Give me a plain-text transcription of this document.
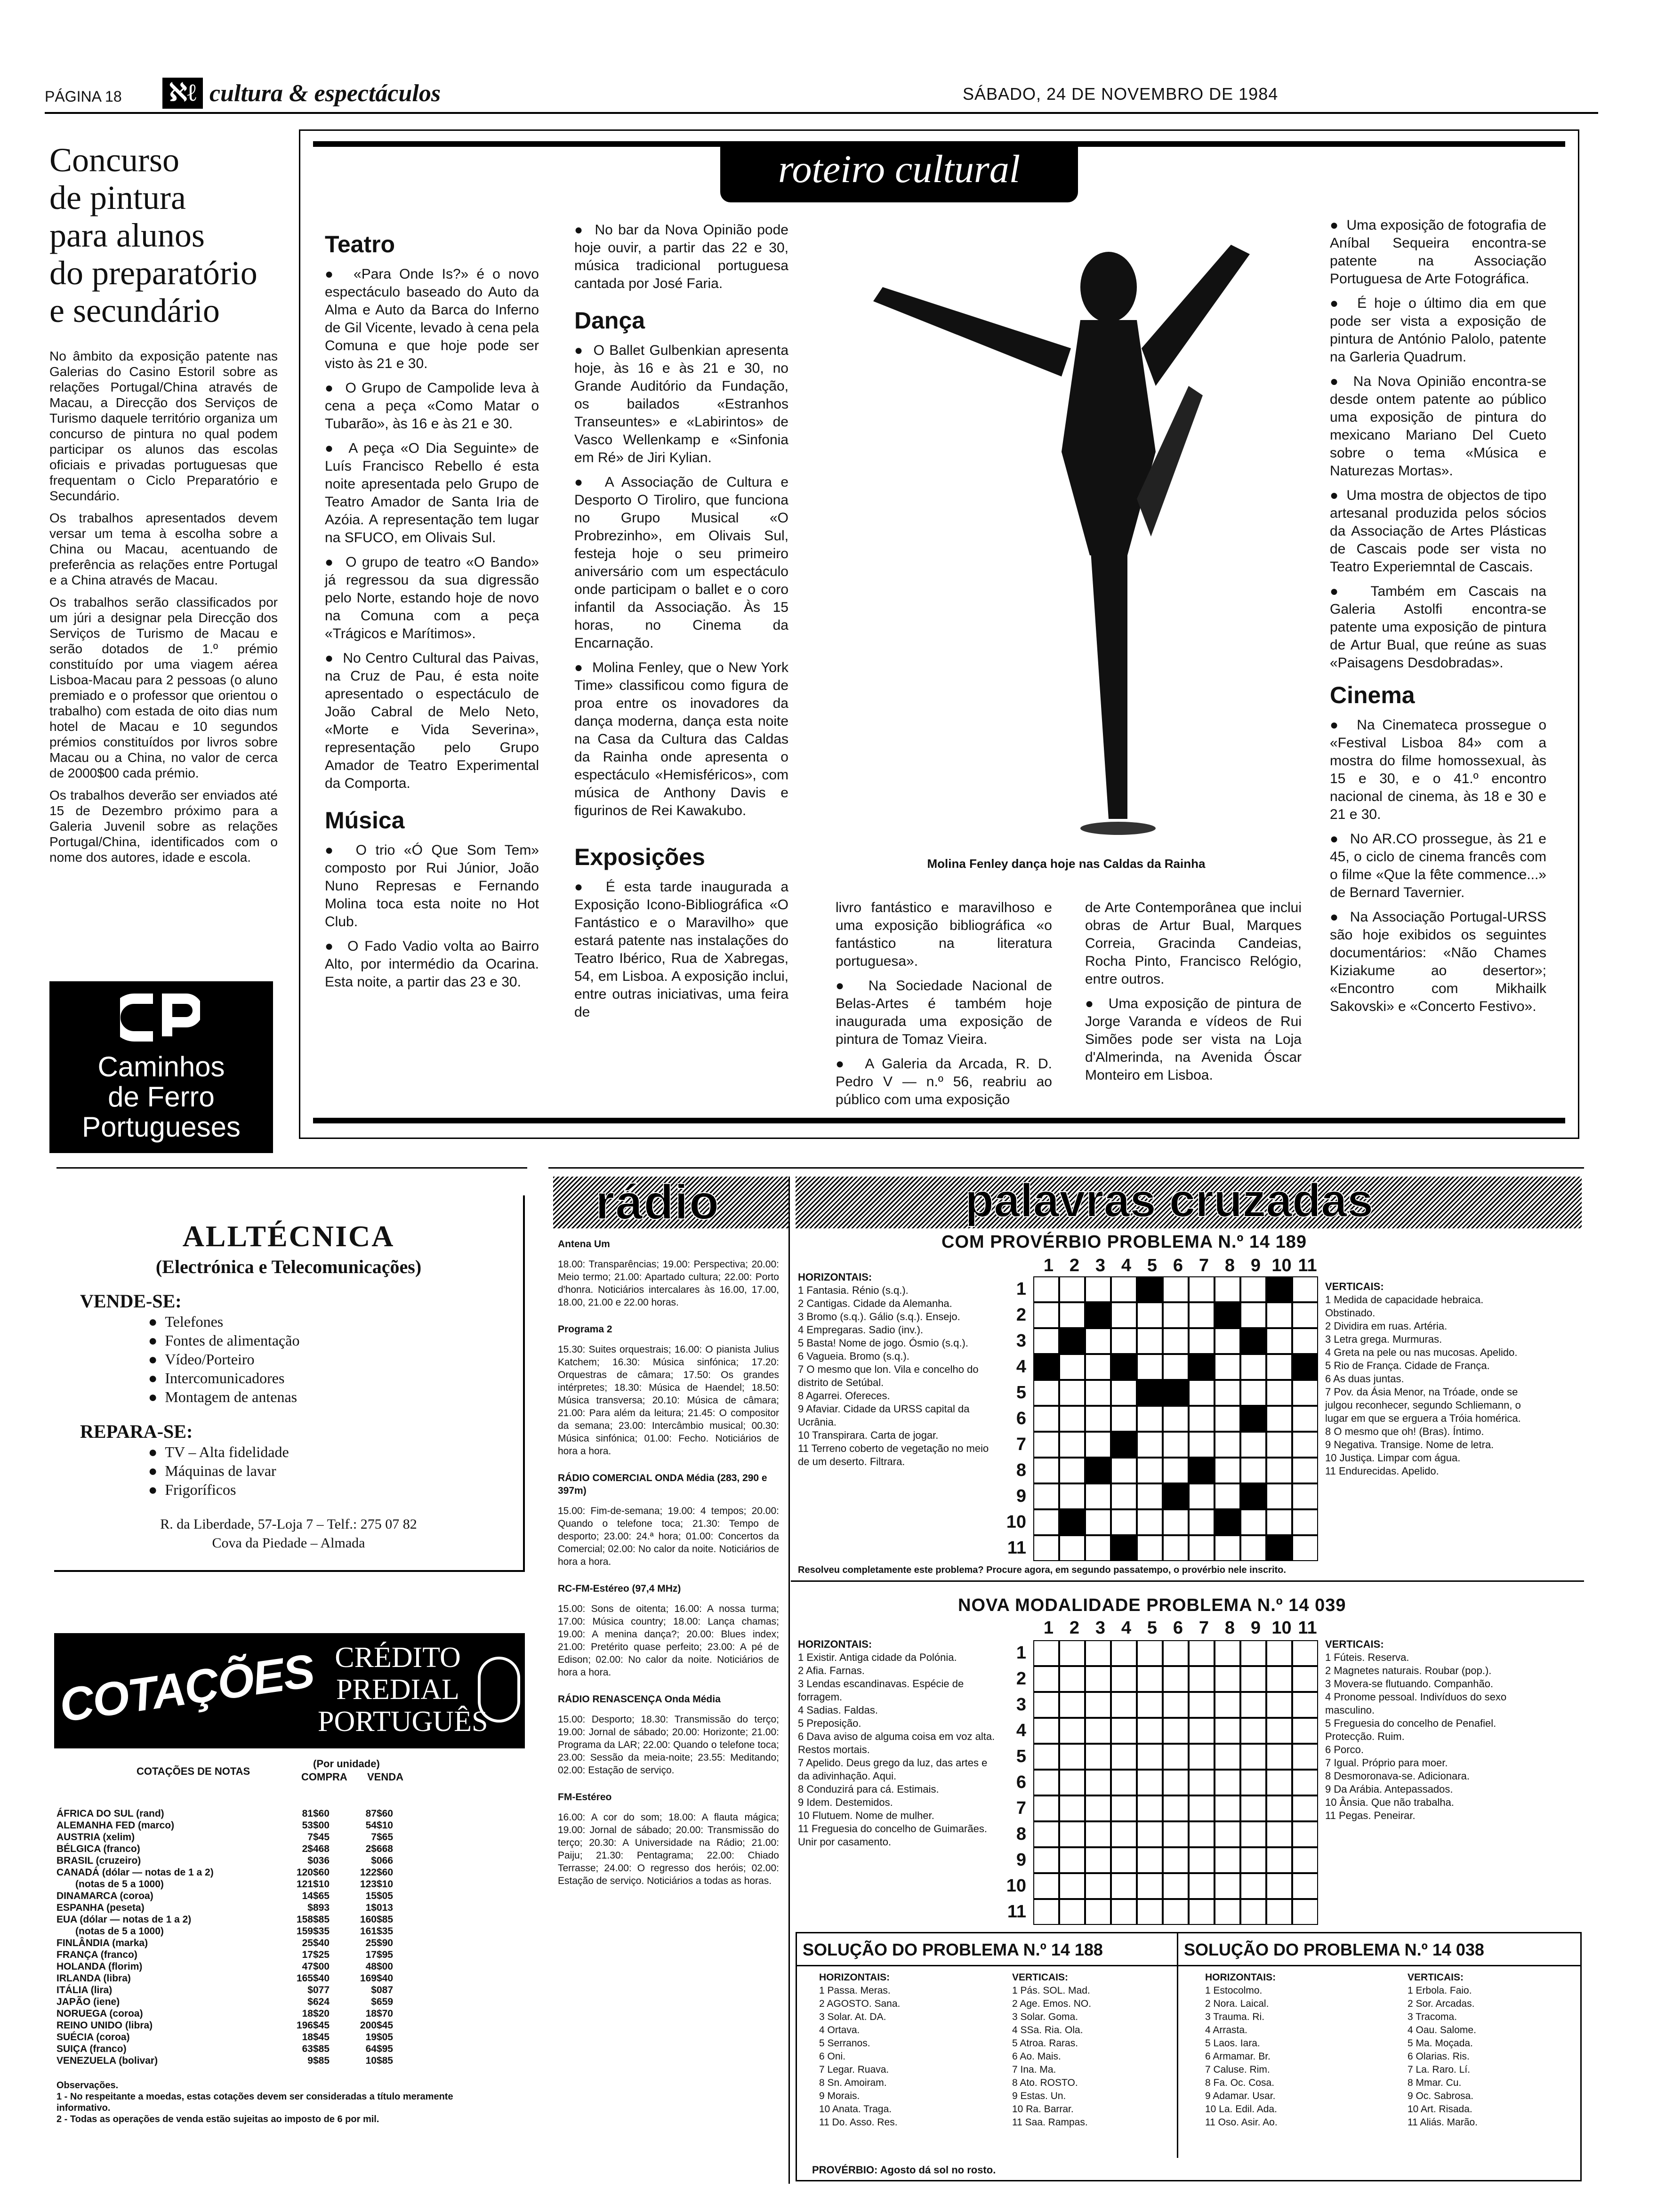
PÁGINA 18 ℵℓ cultura & espectáculos	SÁBADO, 24 DE NOVEMBRO DE 1984
Concurso
de pintura
para alunos
do preparatório
e secundário

No âmbito da exposição patente nas Galerias do Casino Estoril sobre as relações Portugal/China através de Macau, a Direcção dos Serviços de Turismo daquele território organiza um concurso de pintura no qual podem participar os alunos das escolas oficiais e privadas portuguesas que frequentam o Ciclo Preparatório e Secundário.

Os trabalhos apresentados devem versar um tema à escolha sobre a China ou Macau, acentuando de preferência as relações entre Portugal e a China através de Macau.

Os trabalhos serão classificados por um júri a designar pela Direcção dos Serviços de Turismo de Macau e serão dotados de 1.º prémio constituído por uma viagem aérea Lisboa-Macau para 2 pessoas (o aluno premiado e o professor que orientou o trabalho) com estada de oito dias num hotel de Macau e 10 segundos prémios constituídos por livros sobre Macau ou a China, no valor de cerca de 2000$00 cada prémio.

Os trabalhos deverão ser enviados até 15 de Dezembro próximo para a Galeria Juvenil sobre as relações Portugal/China, identificados com o nome dos autores, idade e escola.

Caminhos
de Ferro
Portugueses
roteiro cultural
Teatro

●  «Para Onde Is?» é o novo espectáculo baseado do Auto da Alma e Auto da Barca do Inferno de Gil Vicente, levado à cena pela Comuna e que hoje pode ser visto às 21 e 30.

●  O Grupo de Campolide leva à cena a peça «Como Matar o Tubarão», às 16 e às 21 e 30.

●  A peça «O Dia Seguinte» de Luís Francisco Rebello é esta noite apresentada pelo Grupo de Teatro Amador de Santa Iria de Azóia. A representação tem lugar na SFUCO, em Olivais Sul.

●  O grupo de teatro «O Bando» já regressou da sua digressão pelo Norte, estando hoje de novo na Comuna com a peça «Trágicos e Marítimos».

●  No Centro Cultural das Paivas, na Cruz de Pau, é esta noite apresentado o espectáculo de João Cabral de Melo Neto, «Morte e Vida Severina», representação pelo Grupo Amador de Teatro Experimental da Comporta.

Música

●  O trio «Ó Que Som Tem» composto por Rui Júnior, João Nuno Represas e Fernando Molina toca esta noite no Hot Club.

●  O Fado Vadio volta ao Bairro Alto, por intermédio da Ocarina. Esta noite, a partir das 23 e 30.

●  No bar da Nova Opinião pode hoje ouvir, a partir das 22 e 30, música tradicional portuguesa cantada por José Faria.

Dança

●  O Ballet Gulbenkian apresenta hoje, às 16 e às 21 e 30, no Grande Auditório da Fundação, os bailados «Estranhos Transeuntes» e «Labirintos» de Vasco Wellenkamp e «Sinfonia em Ré» de Jiri Kylian.

●  A Associação de Cultura e Desporto O Tiroliro, que funciona no Grupo Musical «O Probrezinho», em Olivais Sul, festeja hoje o seu primeiro aniversário com um espectáculo onde participam o ballet e o coro infantil da Associação. Às 15 horas, no Cinema da Encarnação.

●  Molina Fenley, que o New York Time» classificou como figura de proa entre os inovadores da dança moderna, dança esta noite na Casa da Cultura das Caldas da Rainha onde apresenta o espectáculo «Hemisféricos», com música de Anthony Davis e figurinos de Rei Kawakubo.

Exposições

●  É esta tarde inaugurada a Exposição Icono-Bibliográfica «O Fantástico e o Maravilho» que estará patente nas instalações do Teatro Ibérico, Rua de Xabregas, 54, em Lisboa. A exposição inclui, entre outras iniciativas, uma feira de

Molina Fenley dança hoje nas Caldas da Rainha

livro fantástico e maravilhoso e uma exposição bibliográfica «o fantástico na literatura portuguesa».

●  Na Sociedade Nacional de Belas-Artes é também hoje inaugurada uma exposição de pintura de Tomaz Vieira.

●  A Galeria da Arcada, R. D. Pedro V — n.º 56, reabriu ao público com uma exposição

de Arte Contemporânea que inclui obras de Artur Bual, Marques Correia, Gracinda Candeias, Rocha Pinto, Francisco Relógio, entre outros.

●  Uma exposição de pintura de Jorge Varanda e vídeos de Rui Simões pode ser vista na Loja d'Almerinda, na Avenida Óscar Monteiro em Lisboa.

●  Uma exposição de fotografia de Aníbal Sequeira encontra-se patente na Associação Portuguesa de Arte Fotográfica.

●  É hoje o último dia em que pode ser vista a exposição de pintura de António Palolo, patente na Garleria Quadrum.

●  Na Nova Opinião encontra-se desde ontem patente ao público uma exposição de pintura do mexicano Mariano Del Cueto sobre o tema «Música e Naturezas Mortas».

●  Uma mostra de objectos de tipo artesanal produzida pelos sócios da Associação de Artes Plásticas de Cascais pode ser vista no Teatro Experiemntal de Cascais.

●  Também em Cascais na Galeria Astolfi encontra-se patente uma exposição de pintura de Artur Bual, que reúne as suas «Paisagens Desdobradas».

Cinema

●  Na Cinemateca prossegue o «Festival Lisboa 84» com a mostra do filme homossexual, às 15 e 30, e o 41.º encontro nacional de cinema, às 18 e 30 e 21 e 30.

●  No AR.CO prossegue, às 21 e 45, o ciclo de cinema francês com o filme «Que la fête commence...» de Bernard Tavernier.

●  Na Associação Portugal-URSS são hoje exibidos os seguintes documentários: «Não Chames Kiziakume ao desertor»; «Encontro com Mikhailk Sakovski» e «Concerto Festivo».

ALLTÉCNICA
(Electrónica e Telecomunicações)
VENDE-SE:
●  Telefones
●  Fontes de alimentação
●  Vídeo/Porteiro
●  Intercomunicadores
●  Montagem de antenas
REPARA-SE:
●  TV – Alta fidelidade
●  Máquinas de lavar
●  Frigoríficos
R. da Liberdade, 57-Loja 7 – Telf.: 275 07 82
Cova da Piedade – Almada
COTAÇÕES CRÉDITO
PREDIAL
PORTUGUÊS
COTAÇÕES DE NOTAS
(Por unidade)
COMPRA VENDA
ÁFRICA DO SUL (rand)	81$60	87$60
ALEMANHA FED (marco)	53$00	54$10
AUSTRIA (xelim)	7$45	7$65
BÉLGICA (franco)	2$468	2$668
BRASIL (cruzeiro)	$036	$066
CANADÁ (dólar — notas de 1 a 2)	120$60	122$60
(notas de 5 a 1000)	121$10	123$10
DINAMARCA (coroa)	14$65	15$05
ESPANHA (peseta)	$893	1$013
EUA (dólar — notas de 1 a 2)	158$85	160$85
(notas de 5 a 1000)	159$35	161$35
FINLÂNDIA (marka)	25$40	25$90
FRANÇA (franco)	17$25	17$95
HOLANDA (florim)	47$00	48$00
IRLANDA (libra)	165$40	169$40
ITÁLIA (lira)	$077	$087
JAPÃO (iene)	$624	$659
NORUEGA (coroa)	18$20	18$70
REINO UNIDO (libra)	196$45	200$45
SUÉCIA (coroa)	18$45	19$05
SUIÇA (franco)	63$85	64$95
VENEZUELA (bolivar)	9$85	10$85
Observações.
1 - No respeitante a moedas, estas cotações devem ser consideradas a título meramente informativo.
2 - Todas as operações de venda estão sujeitas ao imposto de 6 por mil.
rádio
Antena Um
18.00: Transparências; 19.00: Perspectiva; 20.00: Meio termo; 21.00: Apartado cultura; 22.00: Porto d'honra. Noticiários intercalares às 16.00, 17.00, 18.00, 21.00 e 22.00 horas.
Programa 2
15.30: Suites orquestrais; 16.00: O pianista Julius Katchem; 16.30: Música sinfónica; 17.20: Orquestras de câmara; 17.50: Os grandes intérpretes; 18.30: Música de Haendel; 18.50: Música transversa; 20.10: Música de câmara; 21.00: Para além da leitura; 21.45: O compositor da semana; 23.00: Intercâmbio musical; 00.30: Música sinfónica; 01.00: Fecho. Noticiários de hora a hora.
RÁDIO COMERCIAL ONDA Média (283, 290 e 397m)
15.00: Fim-de-semana; 19.00: 4 tempos; 20.00: Quando o telefone toca; 21.30: Tempo de desporto; 23.00: 24.ª hora; 01.00: Concertos da Comercial; 02.00: No calor da noite. Noticiários de hora a hora.
RC-FM-Estéreo (97,4 MHz)
15.00: Sons de oitenta; 16.00: A nossa turma; 17.00: Música country; 18.00: Lança chamas; 19.00: A menina dança?; 20.00: Blues index; 21.00: Pretérito quase perfeito; 23.00: A pé de Edison; 02.00: No calor da noite. Noticiários de hora a hora.
RÁDIO RENASCENÇA Onda Média
15.00: Desporto; 18.30: Transmissão do terço; 19.00: Jornal de sábado; 20.00: Horizonte; 21.00: Programa da LAR; 22.00: Quando o telefone toca; 23.00: Sessão da meia-noite; 23.55: Meditando; 02.00: Estação de serviço.
FM-Estéreo
16.00: A cor do som; 18.00: A flauta mágica; 19.00: Jornal de sábado; 20.00: Transmissão do terço; 20.30: A Universidade na Rádio; 21.00: Paiju; 21.30: Pentagrama; 22.00: Chiado Terrasse; 24.00: O regresso dos heróis; 02.00: Estação de serviço. Noticiários a todas as horas.
palavras cruzadas
COM PROVÉRBIO PROBLEMA N.º 14 189
1 2 3 4 5 6 7 8 9 10 11
1
2
3
4
5
6
7
8
9
10
11
HORIZONTAIS:
1 Fantasia. Rénio (s.q.).
2 Cantigas. Cidade da Alemanha.
3 Bromo (s.q.). Gálio (s.q.). Ensejo.
4 Empregaras. Sadio (inv.).
5 Basta! Nome de jogo. Ósmio (s.q.).
6 Vagueia. Bromo (s.q.).
7 O mesmo que lon. Vila e concelho do distrito de Setúbal.
8 Agarrei. Ofereces.
9 Afaviar. Cidade da URSS capital da Ucrânia.
10 Transpirara. Carta de jogar.
11 Terreno coberto de vegetação no meio de um deserto. Filtrara.
VERTICAIS:
1 Medida de capacidade hebraica. Obstinado.
2 Dividira em ruas. Artéria.
3 Letra grega. Murmuras.
4 Greta na pele ou nas mucosas. Apelido.
5 Rio de França. Cidade de França.
6 As duas juntas.
7 Pov. da Ásia Menor, na Tróade, onde se julgou reconhecer, segundo Schliemann, o lugar em que se erguera a Tróia homérica.
8 O mesmo que oh! (Bras). Íntimo.
9 Negativa. Transige. Nome de letra.
10 Justiça. Limpar com água.
11 Endurecidas. Apelido.
Resolveu completamente este problema? Procure agora, em segundo passatempo, o provérbio nele inscrito.
NOVA MODALIDADE PROBLEMA N.º 14 039
1 2 3 4 5 6 7 8 9 10 11
1
2
3
4
5
6
7
8
9
10
11
HORIZONTAIS:
1 Existir. Antiga cidade da Polónia.
2 Afia. Farnas.
3 Lendas escandinavas. Espécie de forragem.
4 Sadias. Faldas.
5 Preposição.
6 Dava aviso de alguma coisa em voz alta. Restos mortais.
7 Apelido. Deus grego da luz, das artes e da adivinhação. Aqui.
8 Conduzirá para cá. Estimais.
9 Idem. Destemidos.
10 Flutuem. Nome de mulher.
11 Freguesia do concelho de Guimarães. Unir por casamento.
VERTICAIS:
1 Fúteis. Reserva.
2 Magnetes naturais. Roubar (pop.).
3 Movera-se flutuando. Companhão.
4 Pronome pessoal. Indivíduos do sexo masculino.
5 Freguesia do concelho de Penafiel. Protecção. Ruim.
6 Porco.
7 Igual. Próprio para moer.
8 Desmoronava-se. Adicionara.
9 Da Arábia. Antepassados.
10 Ânsia. Que não trabalha.
11 Pegas. Peneirar.
SOLUÇÃO DO PROBLEMA N.º 14 188	SOLUÇÃO DO PROBLEMA N.º 14 038
HORIZONTAIS:
1 Passa. Meras.
2 AGOSTO. Sana.
3 Solar. At. DA.
4 Ortava.
5 Serranos.
6 Oni.
7 Legar. Ruava.
8 Sn. Amoiram.
9 Morais.
10 Anata. Traga.
11 Do. Asso. Res.
VERTICAIS:
1 Pás. SOL. Mad.
2 Age. Emos. NO.
3 Solar. Goma.
4 SSa. Ria. Ola.
5 Atroa. Raras.
6 Ao. Mais.
7 Ina. Ma.
8 Ato. ROSTO.
9 Estas. Un.
10 Ra. Barrar.
11 Saa. Rampas.
HORIZONTAIS:
1 Estocolmo.
2 Nora. Laical.
3 Trauma. Ri.
4 Arrasta.
5 Laos. Iara.
6 Armamar. Br.
7 Caluse. Rim.
8 Fa. Oc. Cosa.
9 Adamar. Usar.
10 La. Edil. Ada.
11 Oso. Asir. Ao.
VERTICAIS:
1 Erbola. Faio.
2 Sor. Arcadas.
3 Tracoma.
4 Oau. Salome.
5 Ma. Moçada.
6 Olarias. Ris.
7 La. Raro. Lí.
8 Mmar. Cu.
9 Oc. Sabrosa.
10 Art. Risada.
11 Aliás. Marão.
PROVÉRBIO: Agosto dá sol no rosto.
